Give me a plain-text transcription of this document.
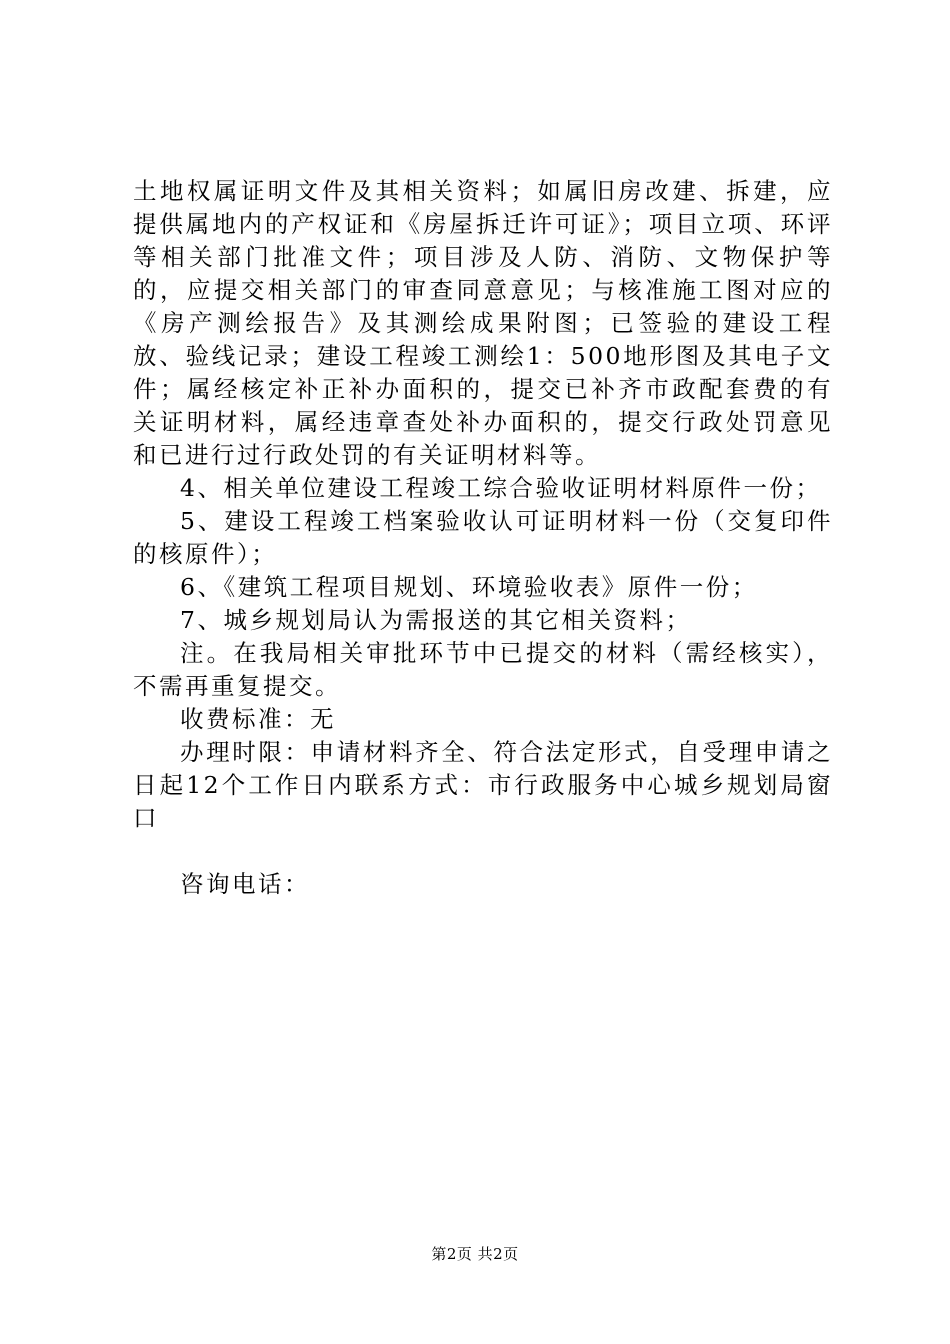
土地权属证明文件及其相关资料；如属旧房改建、拆建，应提供属地内的产权证和《房屋拆迁许可证》；项目立项、环评等相关部门批准文件；项目涉及人防、消防、文物保护等的，应提交相关部门的审查同意意见；与核准施工图对应的《房产测绘报告》及其测绘成果附图；已签验的建设工程放、验线记录；建设工程竣工测绘1：500地形图及其电子文件；属经核定补正补办面积的，提交已补齐市政配套费的有关证明材料，属经违章查处补办面积的，提交行政处罚意见和已进行过行政处罚的有关证明材料等。

4、相关单位建设工程竣工综合验收证明材料原件一份；

5、建设工程竣工档案验收认可证明材料一份（交复印件的核原件）；

6、《建筑工程项目规划、环境验收表》原件一份；

7、城乡规划局认为需报送的其它相关资料；

注。在我局相关审批环节中已提交的材料（需经核实），不需再重复提交。

收费标准：无

办理时限：申请材料齐全、符合法定形式，自受理申请之日起12个工作日内联系方式：市行政服务中心城乡规划局窗口

咨询电话：

第2页 共2页
